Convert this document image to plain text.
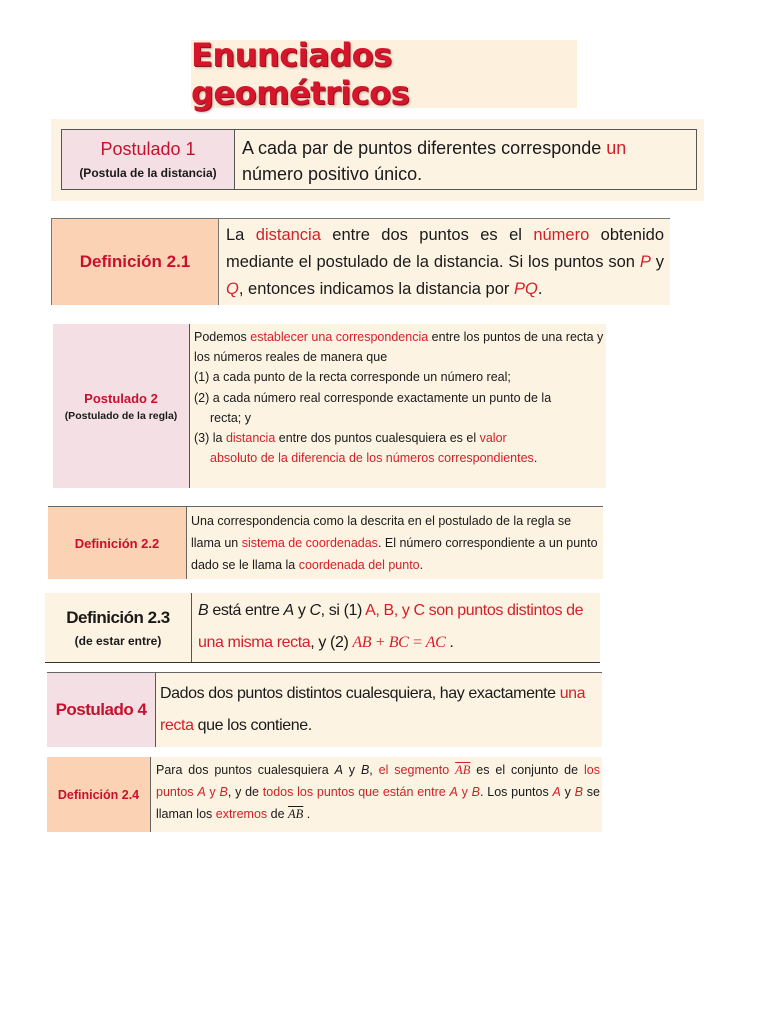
Enunciados geométricos
Postulado 1
(Postula de la distancia)
A cada par de puntos diferentes corresponde un
número positivo único.
Definición 2.1
La distancia entre dos puntos es el número obtenido mediante el postulado de la distancia. Si los puntos son P y Q, entonces indicamos la distancia por PQ.
Postulado 2
(Postulado de la regla)
Podemos establecer una correspondencia entre los puntos de una recta y los números reales de manera que
(1) a cada punto de la recta corresponde un número real;
(2) a cada número real corresponde exactamente un punto de la
recta; y
(3) la distancia entre dos puntos cualesquiera es el valor
absoluto de la diferencia de los números correspondientes.
Definición 2.2
Una correspondencia como la descrita en el postulado de la regla se llama un sistema de coordenadas. El número correspondiente a un punto dado se le llama la coordenada del punto.
Definición 2.3
(de estar entre)
B está entre A y C, si (1) A, B, y C son puntos distintos de una misma recta, y (2) AB + BC = AC .
Postulado 4
Dados dos puntos distintos cualesquiera, hay exactamente una recta que los contiene.
Definición 2.4
Para dos puntos cualesquiera A y B, el segmento $\overline{AB}$ es el conjunto de los puntos A y B, y de todos los puntos que están entre A y B. Los puntos A y B se llaman los extremos de $\overline{AB}$ .
